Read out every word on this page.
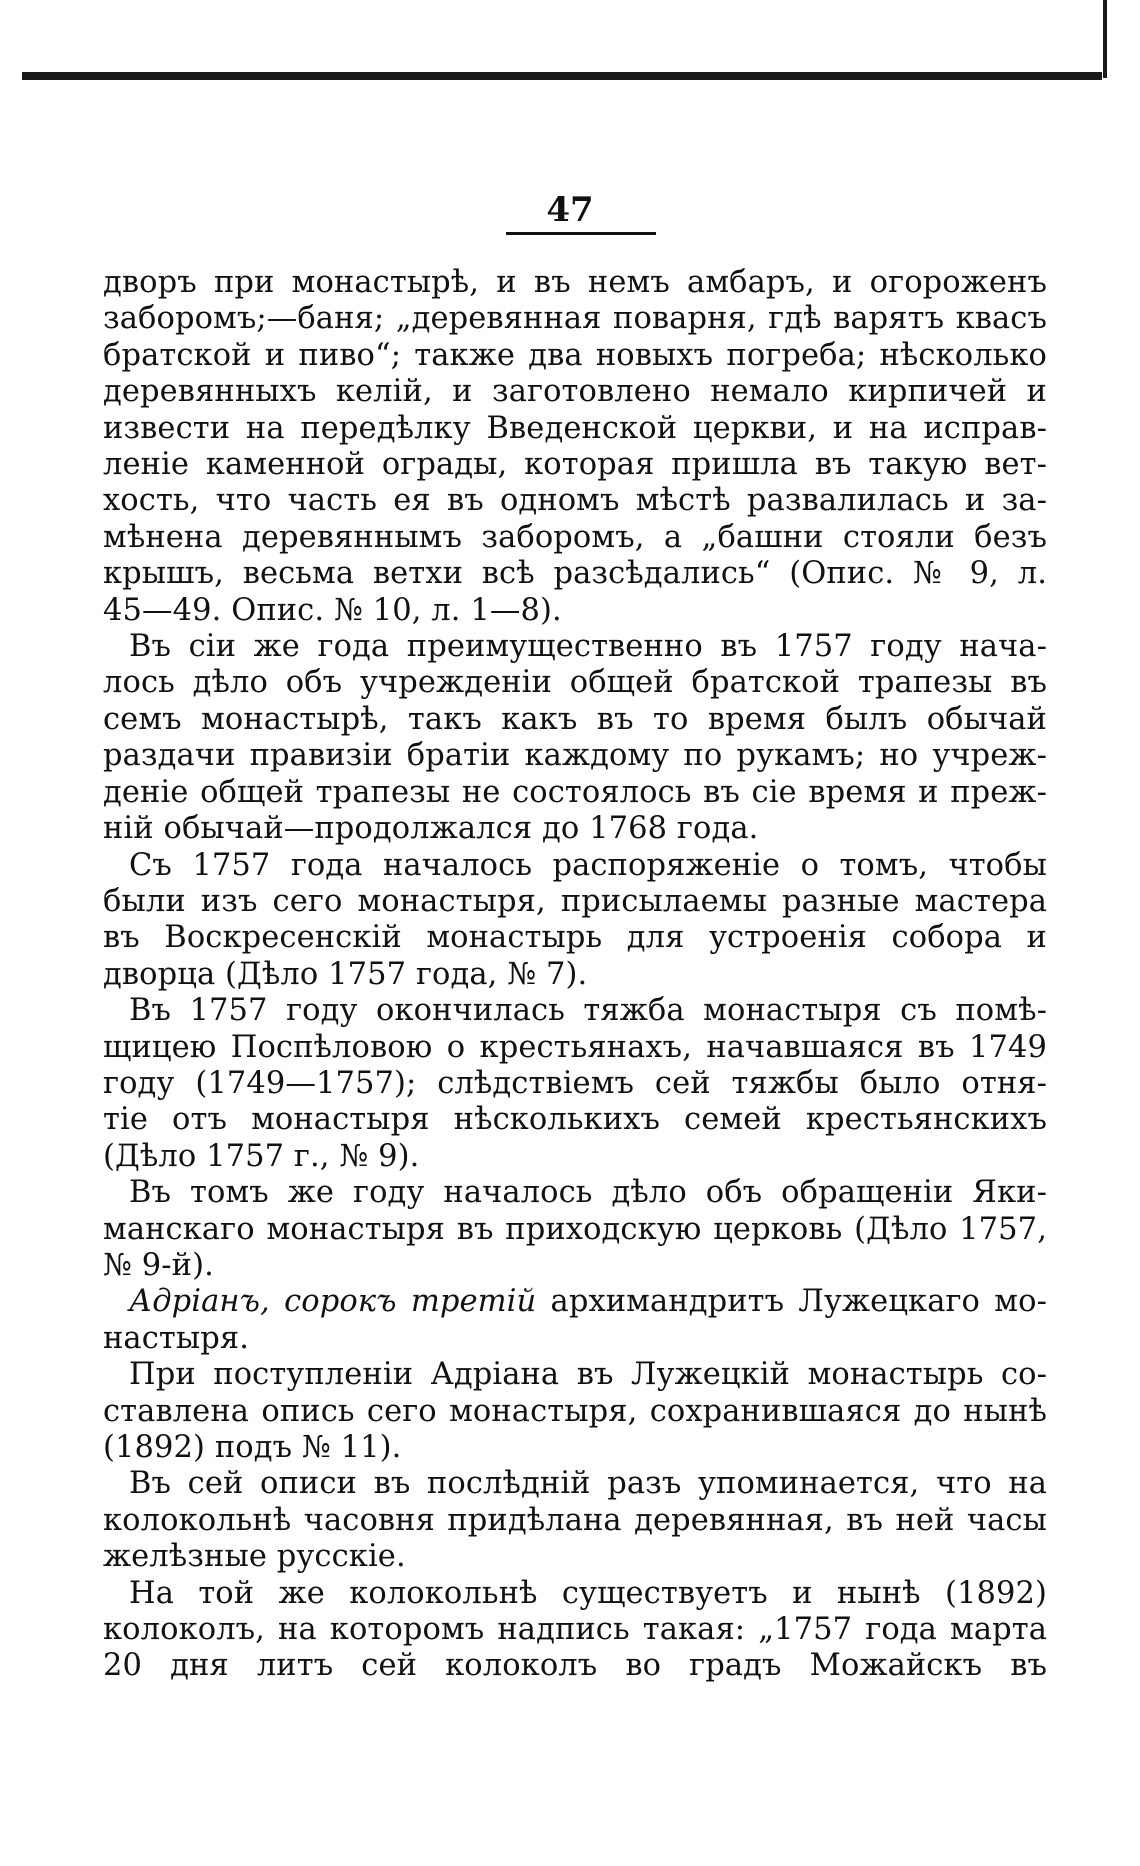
47

дворъ при монастырѣ, и въ немъ амбаръ, и огороженъ
заборомъ;—баня; „деревянная поварня, гдѣ варятъ квасъ
братской и пиво“; также два новыхъ погреба; нѣсколько
деревянныхъ келій, и заготовлено немало кирпичей и
извести на передѣлку Введенской церкви, и на исправ-
леніе каменной ограды, которая пришла въ такую вет-
хость, что часть ея въ одномъ мѣстѣ развалилась и за-
мѣнена деревяннымъ заборомъ, а „башни стояли безъ
крышъ, весьма ветхи всѣ разсѣдались“ (Опис. № 9, л.
45—49. Опис. № 10, л. 1—8).

Въ сіи же года преимущественно въ 1757 году нача-
лось дѣло объ учрежденіи общей братской трапезы въ
семъ монастырѣ, такъ какъ въ то время былъ обычай
раздачи правизіи братіи каждому по рукамъ; но учреж-
деніе общей трапезы не состоялось въ сіе время и преж-
ній обычай—продолжался до 1768 года.

Съ 1757 года началось распоряженіе о томъ, чтобы
были изъ сего монастыря, присылаемы разные мастера
въ Воскресенскій монастырь для устроенія собора и
дворца (Дѣло 1757 года, № 7).

Въ 1757 году окончилась тяжба монастыря съ помѣ-
щицею Поспѣловою о крестьянахъ, начавшаяся въ 1749
году (1749—1757); слѣдствіемъ сей тяжбы было отня-
тіе отъ монастыря нѣсколькихъ семей крестьянскихъ
(Дѣло 1757 г., № 9).

Въ томъ же году началось дѣло объ обращеніи Яки-
манскаго монастыря въ приходскую церковь (Дѣло 1757,
№ 9-й).

Адріанъ, сорокъ третій архимандритъ Лужецкаго мо-
настыря.

При поступленіи Адріана въ Лужецкій монастырь со-
ставлена опись сего монастыря, сохранившаяся до нынѣ
(1892) подъ № 11).

Въ сей описи въ послѣдній разъ упоминается, что на
колокольнѣ часовня придѣлана деревянная, въ ней часы
желѣзные русскіе.

На той же колокольнѣ существуетъ и нынѣ (1892)
колоколъ, на которомъ надпись такая: „1757 года марта
20 дня литъ сей колоколъ во градъ Можайскъ въ
